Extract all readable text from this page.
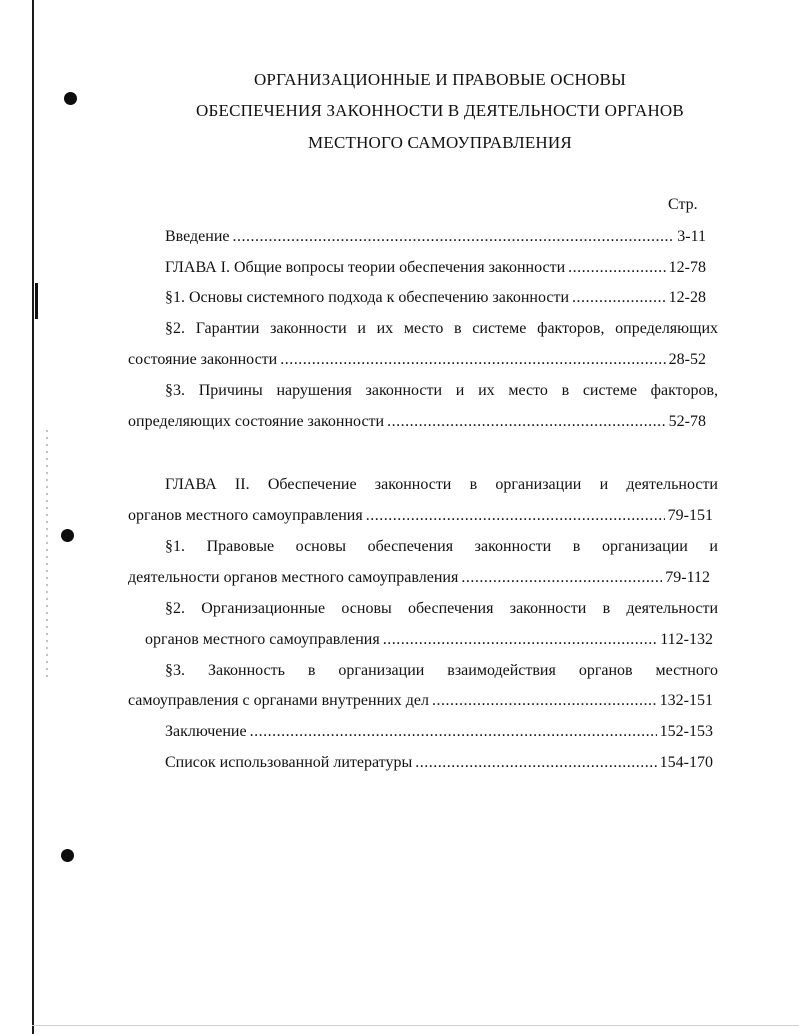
ОРГАНИЗАЦИОННЫЕ И ПРАВОВЫЕ ОСНОВЫ
ОБЕСПЕЧЕНИЯ ЗАКОННОСТИ В ДЕЯТЕЛЬНОСТИ ОРГАНОВ
МЕСТНОГО САМОУПРАВЛЕНИЯ
Стр.
Введение .....	3-11
ГЛАВА I. Общие вопросы теории обеспечения законности .....	12-78
§1. Основы системного подхода к обеспечению законности .....	12-28
§2. Гарантии законности и их место в системе факторов, определяющих
состояние законности .....	28-52
§3. Причины нарушения законности и их место в системе факторов,
определяющих состояние законности .....	52-78
ГЛАВА II. Обеспечение законности в организации и деятельности
органов местного самоуправления .....	79-151
§1. Правовые основы обеспечения законности в организации и
деятельности органов местного самоуправления .....	79-112
§2. Организационные основы обеспечения законности в деятельности
органов местного самоуправления .....	112-132
§3. Законность в организации взаимодействия органов местного
самоуправления с органами внутренних дел .....	132-151
Заключение .....	152-153
Список использованной литературы .....	154-170
